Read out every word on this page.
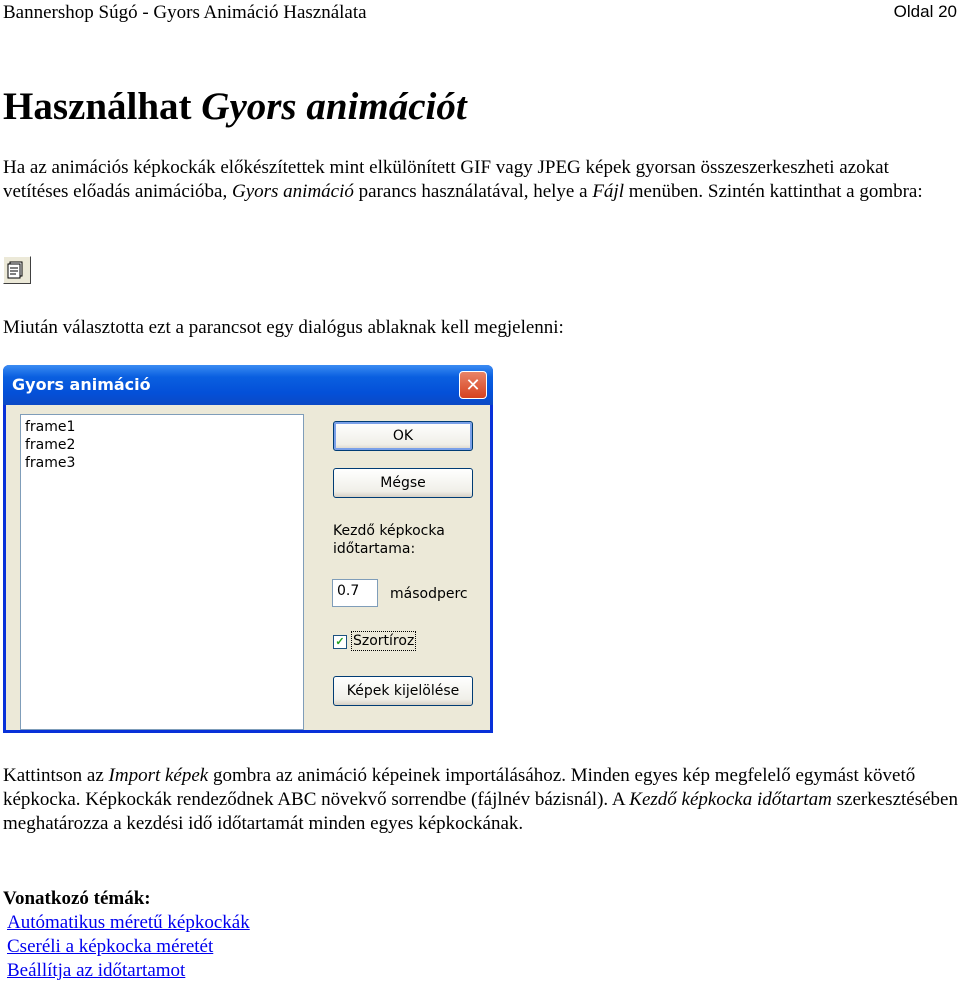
Bannershop Súgó - Gyors Animáció Használata	Oldal 20
Használhat Gyors animációt

Ha az animációs képkockák előkészítettek mint elkülönített GIF vagy JPEG képek gyorsan összeszerkeszheti azokat vetítéses előadás animációba, Gyors animáció parancs használatával, helye a Fájl menüben. Szintén kattinthat a gombra:

Miután választotta ezt a parancsot egy dialógus ablaknak kell megjelenni:

Gyors animáció	✕
frame1
frame2
frame3
OK
Mégse
Kezdő képkocka időtartama:
0.7	másodperc
✓ Szortíroz
Képek kijelölése

Kattintson az Import képek gombra az animáció képeinek importálásához. Minden egyes kép megfelelő egymást követő képkocka. Képkockák rendeződnek ABC növekvő sorrendbe (fájlnév bázisnál). A Kezdő képkocka időtartam szerkesztésében meghatározza a kezdési idő időtartamát minden egyes képkockának.

Vonatkozó témák:
Autómatikus méretű képkockák
Cseréli a képkocka méretét
Beállítja az időtartamot
